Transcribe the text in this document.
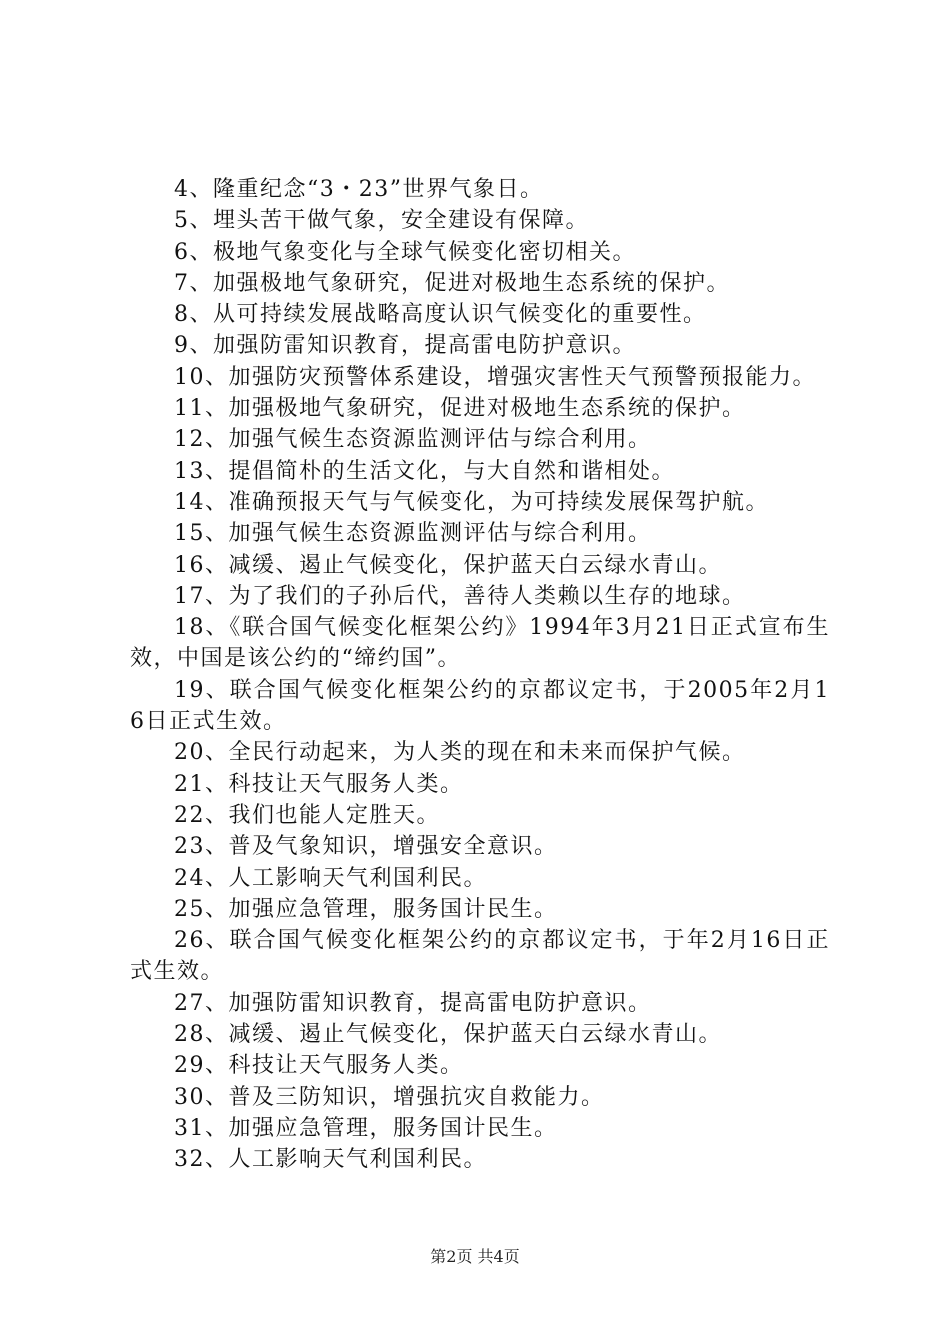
4、隆重纪念“3・23”世界气象日。

5、埋头苦干做气象，安全建设有保障。

6、极地气象变化与全球气候变化密切相关。

7、加强极地气象研究，促进对极地生态系统的保护。

8、从可持续发展战略高度认识气候变化的重要性。

9、加强防雷知识教育，提高雷电防护意识。

10、加强防灾预警体系建设，增强灾害性天气预警预报能力。

11、加强极地气象研究，促进对极地生态系统的保护。

12、加强气候生态资源监测评估与综合利用。

13、提倡简朴的生活文化，与大自然和谐相处。

14、准确预报天气与气候变化，为可持续发展保驾护航。

15、加强气候生态资源监测评估与综合利用。

16、减缓、遏止气候变化，保护蓝天白云绿水青山。

17、为了我们的子孙后代，善待人类赖以生存的地球。

18、《联合国气候变化框架公约》1994年3月21日正式宣布生效，中国是该公约的“缔约国”。

19、联合国气候变化框架公约的京都议定书，于2005年2月16日正式生效。

20、全民行动起来，为人类的现在和未来而保护气候。

21、科技让天气服务人类。

22、我们也能人定胜天。

23、普及气象知识，增强安全意识。

24、人工影响天气利国利民。

25、加强应急管理，服务国计民生。

26、联合国气候变化框架公约的京都议定书，于年2月16日正式生效。

27、加强防雷知识教育，提高雷电防护意识。

28、减缓、遏止气候变化，保护蓝天白云绿水青山。

29、科技让天气服务人类。

30、普及三防知识，增强抗灾自救能力。

31、加强应急管理，服务国计民生。

32、人工影响天气利国利民。

第2页 共4页
